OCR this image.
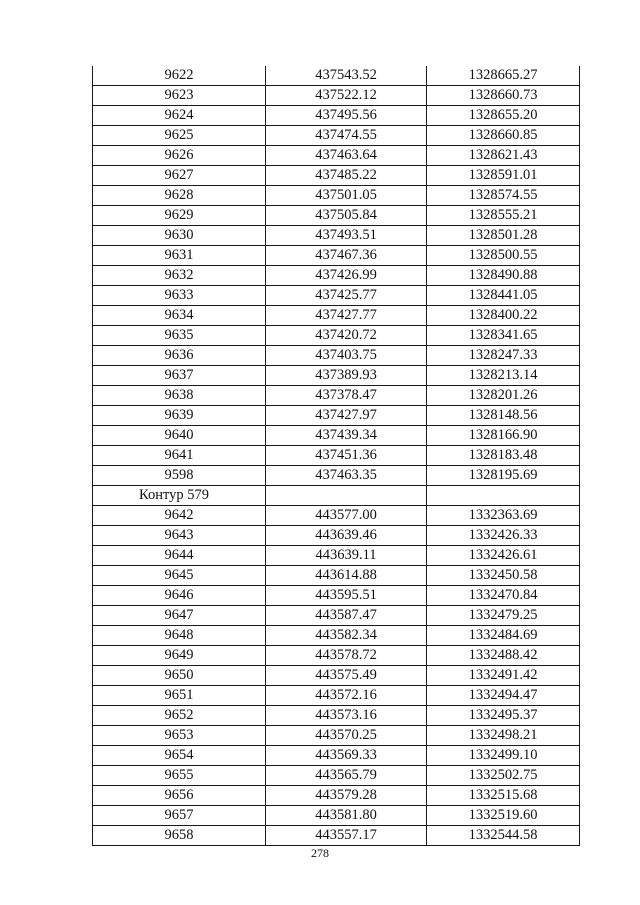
9622	437543.52	1328665.27
9623	437522.12	1328660.73
9624	437495.56	1328655.20
9625	437474.55	1328660.85
9626	437463.64	1328621.43
9627	437485.22	1328591.01
9628	437501.05	1328574.55
9629	437505.84	1328555.21
9630	437493.51	1328501.28
9631	437467.36	1328500.55
9632	437426.99	1328490.88
9633	437425.77	1328441.05
9634	437427.77	1328400.22
9635	437420.72	1328341.65
9636	437403.75	1328247.33
9637	437389.93	1328213.14
9638	437378.47	1328201.26
9639	437427.97	1328148.56
9640	437439.34	1328166.90
9641	437451.36	1328183.48
9598	437463.35	1328195.69
Контур 579		
9642	443577.00	1332363.69
9643	443639.46	1332426.33
9644	443639.11	1332426.61
9645	443614.88	1332450.58
9646	443595.51	1332470.84
9647	443587.47	1332479.25
9648	443582.34	1332484.69
9649	443578.72	1332488.42
9650	443575.49	1332491.42
9651	443572.16	1332494.47
9652	443573.16	1332495.37
9653	443570.25	1332498.21
9654	443569.33	1332499.10
9655	443565.79	1332502.75
9656	443579.28	1332515.68
9657	443581.80	1332519.60
9658	443557.17	1332544.58
278
